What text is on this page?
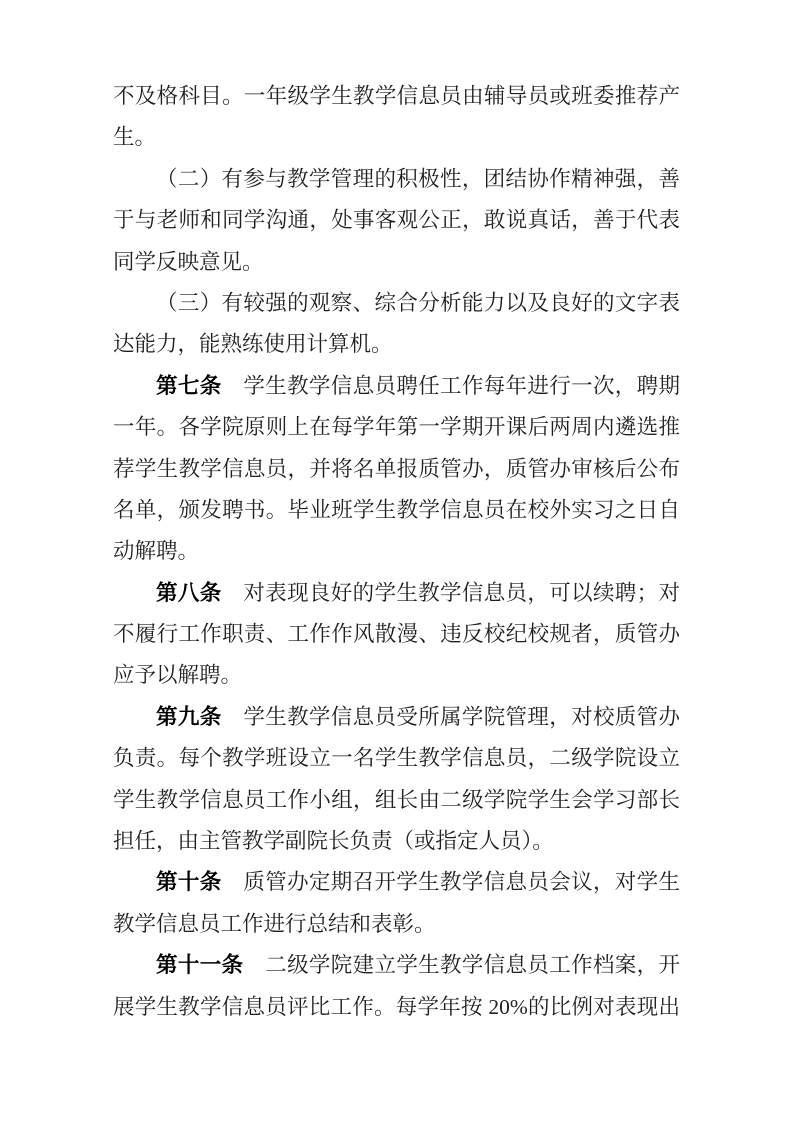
不及格科目。一年级学生教学信息员由辅导员或班委推荐产
生。
（二）有参与教学管理的积极性，团结协作精神强，善
于与老师和同学沟通，处事客观公正，敢说真话，善于代表
同学反映意见。
（三）有较强的观察、综合分析能力以及良好的文字表
达能力，能熟练使用计算机。
第七条　学生教学信息员聘任工作每年进行一次，聘期
一年。各学院原则上在每学年第一学期开课后两周内遴选推
荐学生教学信息员，并将名单报质管办，质管办审核后公布
名单，颁发聘书。毕业班学生教学信息员在校外实习之日自
动解聘。
第八条　对表现良好的学生教学信息员，可以续聘；对
不履行工作职责、工作作风散漫、违反校纪校规者，质管办
应予以解聘。
第九条　学生教学信息员受所属学院管理，对校质管办
负责。每个教学班设立一名学生教学信息员，二级学院设立
学生教学信息员工作小组，组长由二级学院学生会学习部长
担任，由主管教学副院长负责（或指定人员）。
第十条　质管办定期召开学生教学信息员会议，对学生
教学信息员工作进行总结和表彰。
第十一条　二级学院建立学生教学信息员工作档案，开
展学生教学信息员评比工作。每学年按 20%的比例对表现出
